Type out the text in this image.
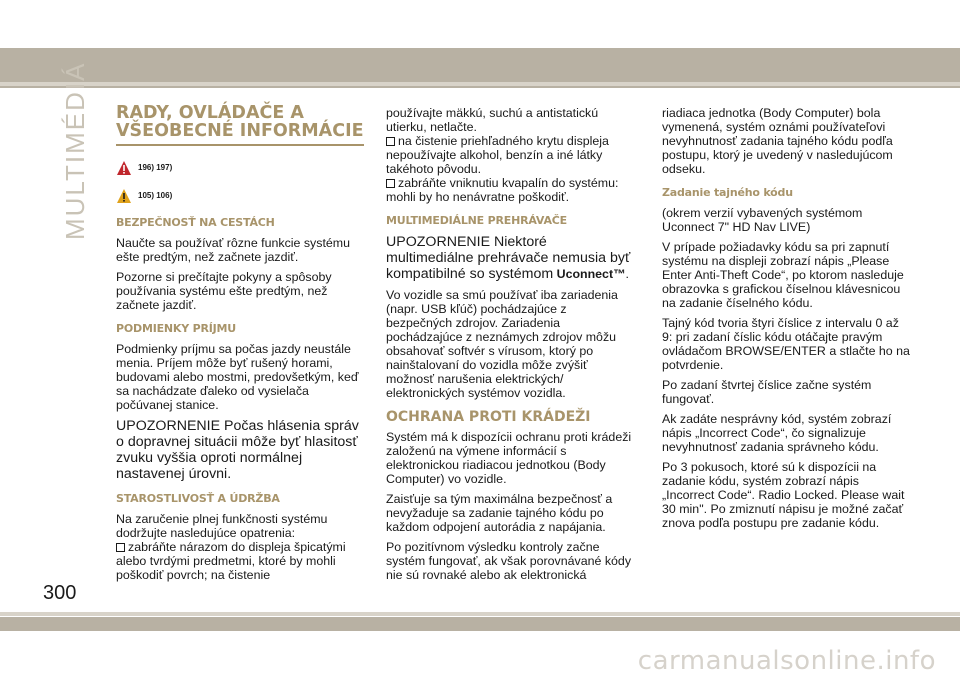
MULTIMÉDIÁ
300
RADY, OVLÁDAČE A VŠEOBECNÉ INFORMÁCIE
196) 197)
105) 106)
BEZPEČNOSŤ NA CESTÁCH

Naučte sa používať rôzne funkcie systému ešte predtým, než začnete jazdiť.

Pozorne si prečítajte pokyny a spôsoby používania systému ešte predtým, než začnete jazdiť.

PODMIENKY PRÍJMU

Podmienky príjmu sa počas jazdy neustále menia. Príjem môže byť rušený horami, budovami alebo mostmi, predovšetkým, keď sa nachádzate ďaleko od vysielača počúvanej stanice.

UPOZORNENIE Počas hlásenia správ o dopravnej situácii môže byť hlasitosť zvuku vyššia oproti normálnej nastavenej úrovni.

STAROSTLIVOSŤ A ÚDRŽBA

Na zaručenie plnej funkčnosti systému dodržujte nasledujúce opatrenia:

zabráňte nárazom do displeja špicatými alebo tvrdými predmetmi, ktoré by mohli poškodiť povrch; na čistenie

používajte mäkkú, suchú a antistatickú utierku, netlačte.

na čistenie priehľadného krytu displeja nepoužívajte alkohol, benzín a iné látky takéhoto pôvodu.

zabráňte vniknutiu kvapalín do systému: mohli by ho nenávratne poškodiť.

MULTIMEDIÁLNE PREHRÁVAČE

UPOZORNENIE Niektoré multimediálne prehrávače nemusia byť kompatibilné so systémom Uconnect™.

Vo vozidle sa smú používať iba zariadenia (napr. USB kľúč) pochádzajúce z bezpečných zdrojov. Zariadenia pochádzajúce z neznámych zdrojov môžu obsahovať softvér s vírusom, ktorý po nainštalovaní do vozidla môže zvýšiť možnosť narušenia elektrických/ elektronických systémov vozidla.

OCHRANA PROTI KRÁDEŽI

Systém má k dispozícii ochranu proti krádeži založenú na výmene informácií s elektronickou riadiacou jednotkou (Body Computer) vo vozidle.

Zaisťuje sa tým maximálna bezpečnosť a nevyžaduje sa zadanie tajného kódu po každom odpojení autorádia z napájania.

Po pozitívnom výsledku kontroly začne systém fungovať, ak však porovnávané kódy nie sú rovnaké alebo ak elektronická

riadiaca jednotka (Body Computer) bola vymenená, systém oznámi používateľovi nevyhnutnosť zadania tajného kódu podľa postupu, ktorý je uvedený v nasledujúcom odseku.

Zadanie tajného kódu

(okrem verzií vybavených systémom Uconnect 7" HD Nav LIVE)

V prípade požiadavky kódu sa pri zapnutí systému na displeji zobrazí nápis „Please Enter Anti-Theft Code“, po ktorom nasleduje obrazovka s grafickou číselnou klávesnicou na zadanie číselného kódu.

Tajný kód tvoria štyri číslice z intervalu 0 až 9: pri zadaní číslic kódu otáčajte pravým ovládačom BROWSE/ENTER a stlačte ho na potvrdenie.

Po zadaní štvrtej číslice začne systém fungovať.

Ak zadáte nesprávny kód, systém zobrazí nápis „Incorrect Code“, čo signalizuje nevyhnutnosť zadania správneho kódu.

Po 3 pokusoch, ktoré sú k dispozícii na zadanie kódu, systém zobrazí nápis „Incorrect Code“. Radio Locked. Please wait 30 min". Po zmiznutí nápisu je možné začať znova podľa postupu pre zadanie kódu.

carmanualsonline.info
